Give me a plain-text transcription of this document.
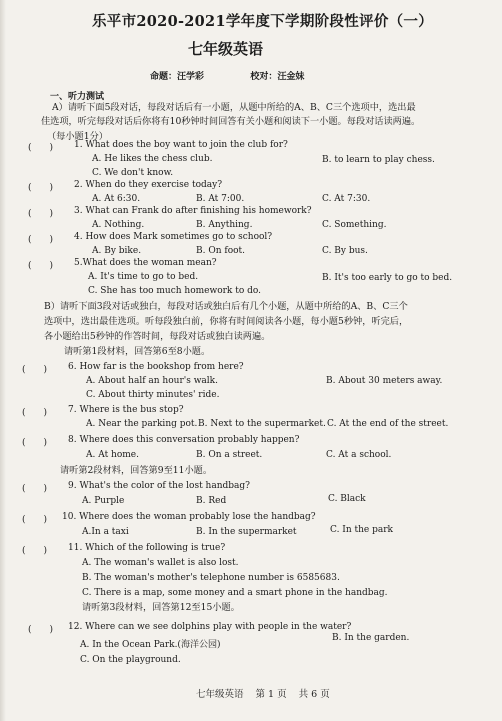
乐平市2020-2021学年度下学期阶段性评价（一）
七年级英语
命题：汪学彩	校对：汪金妹
一、听力测试
A）请听下面5段对话，每段对话后有一小题，从题中所给的A、B、C三个选项中，选出最
佳选项，听完每段对话后你将有10秒钟时间回答有关小题和阅读下一小题。每段对话读两遍。
（每小题1分）
(　　) 1. What does the boy want to join the club for?
A. He likes the chess club.	B. to learn to play chess.
C. We don't know.
(　　) 2. When do they exercise today?
A. At 6:30.	B. At 7:00.	C. At 7:30.
(　　) 3. What can Frank do after finishing his homework?
A. Nothing.	B. Anything.	C. Something.
(　　) 4. How does Mark sometimes go to school?
A. By bike.	B. On foot.	C. By bus.
(　　) 5.What does the woman mean?
A. It's time to go to bed.	B. It's too early to go to bed.
C. She has too much homework to do.
B）请听下面3段对话或独白，每段对话或独白后有几个小题，从题中所给的A、B、C三个
选项中，选出最佳选项。听每段独白前，你将有时间阅读各小题，每小题5秒钟，听完后，
各小题给出5秒钟的作答时间，每段对话或独白读两遍。
请听第1段材料，回答第6至8小题。
(　　) 6. How far is the bookshop from here?
A. About half an hour's walk.	B. About 30 meters away.
C. About thirty minutes' ride.
(　　) 7. Where is the bus stop?
A. Near the parking pot. B. Next to the supermarket. C. At the end of the street.
(　　) 8. Where does this conversation probably happen?
A. At home.	B. On a street.	C. At a school.
请听第2段材料，回答第9至11小题。
(　　) 9. What's the color of the lost handbag?
A. Purple	B. Red	C. Black
(　　) 10. Where does the woman probably lose the handbag?
A.In a taxi	B. In the supermarket	C. In the park
(　　) 11. Which of the following is true?
A. The woman's wallet is also lost.
B. The woman's mother's telephone number is 6585683.
C. There is a map, some money and a smart phone in the handbag.
请听第3段材料，回答第12至15小题。
(　　) 12. Where can we see dolphins play with people in the water?
A. In the Ocean Park.(海洋公园)
B. In the garden.
C. On the playground.
七年级英语 第 1 页 共 6 页
